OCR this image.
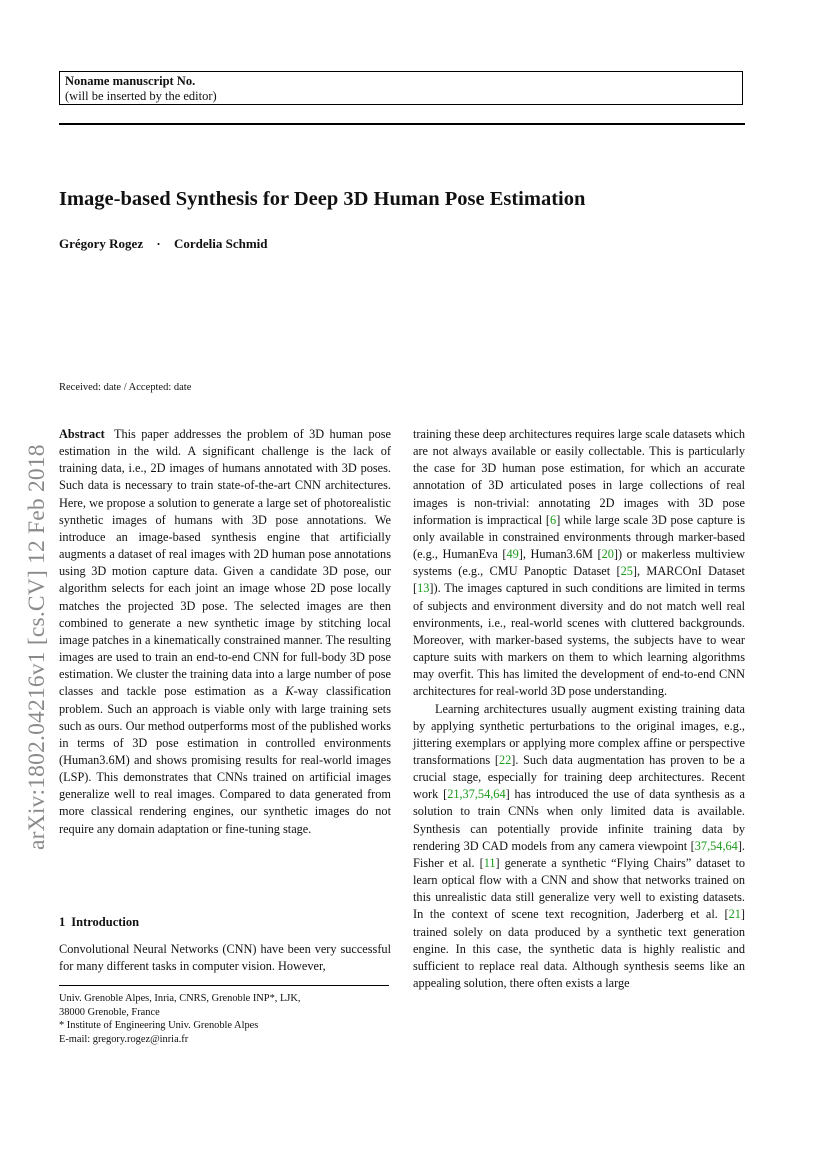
arXiv:1802.04216v1 [cs.CV] 12 Feb 2018
Noname manuscript No.
(will be inserted by the editor)
Image-based Synthesis for Deep 3D Human Pose Estimation
Grégory Rogez · Cordelia Schmid
Received: date / Accepted: date

Abstract This paper addresses the problem of 3D human pose estimation in the wild. A significant challenge is the lack of training data, i.e., 2D images of humans annotated with 3D poses. Such data is necessary to train state-of-the-art CNN architectures. Here, we propose a solution to generate a large set of photorealistic synthetic images of humans with 3D pose annotations. We introduce an image-based synthesis engine that artificially augments a dataset of real images with 2D human pose annotations using 3D motion capture data. Given a candidate 3D pose, our algorithm selects for each joint an image whose 2D pose locally matches the projected 3D pose. The selected images are then combined to generate a new synthetic image by stitching local image patches in a kinematically constrained manner. The resulting images are used to train an end-to-end CNN for full-body 3D pose estimation. We cluster the training data into a large number of pose classes and tackle pose estimation as a K-way classification problem. Such an approach is viable only with large training sets such as ours. Our method outperforms most of the published works in terms of 3D pose estimation in controlled environments (Human3.6M) and shows promising results for real-world images (LSP). This demonstrates that CNNs trained on artificial images generalize well to real images. Compared to data generated from more classical rendering engines, our synthetic images do not require any domain adaptation or fine-tuning stage.

1 Introduction

Convolutional Neural Networks (CNN) have been very successful for many different tasks in computer vision. However,

Univ. Grenoble Alpes, Inria, CNRS, Grenoble INP*, LJK,
38000 Grenoble, France
* Institute of Engineering Univ. Grenoble Alpes
E-mail: gregory.rogez@inria.fr

training these deep architectures requires large scale datasets which are not always available or easily collectable. This is particularly the case for 3D human pose estimation, for which an accurate annotation of 3D articulated poses in large collections of real images is non-trivial: annotating 2D images with 3D pose information is impractical [6] while large scale 3D pose capture is only available in constrained environments through marker-based (e.g., HumanEva [49], Human3.6M [20]) or makerless multiview systems (e.g., CMU Panoptic Dataset [25], MARCOnI Dataset [13]). The images captured in such conditions are limited in terms of subjects and environment diversity and do not match well real environments, i.e., real-world scenes with cluttered backgrounds. Moreover, with marker-based systems, the subjects have to wear capture suits with markers on them to which learning algorithms may overfit. This has limited the development of end-to-end CNN architectures for real-world 3D pose understanding.

Learning architectures usually augment existing training data by applying synthetic perturbations to the original images, e.g., jittering exemplars or applying more complex affine or perspective transformations [22]. Such data augmentation has proven to be a crucial stage, especially for training deep architectures. Recent work [21,37,54,64] has introduced the use of data synthesis as a solution to train CNNs when only limited data is available. Synthesis can potentially provide infinite training data by rendering 3D CAD models from any camera viewpoint [37,54,64]. Fisher et al. [11] generate a synthetic “Flying Chairs” dataset to learn optical flow with a CNN and show that networks trained on this unrealistic data still generalize very well to existing datasets. In the context of scene text recognition, Jaderberg et al. [21] trained solely on data produced by a synthetic text generation engine. In this case, the synthetic data is highly realistic and sufficient to replace real data. Although synthesis seems like an appealing solution, there often exists a large
